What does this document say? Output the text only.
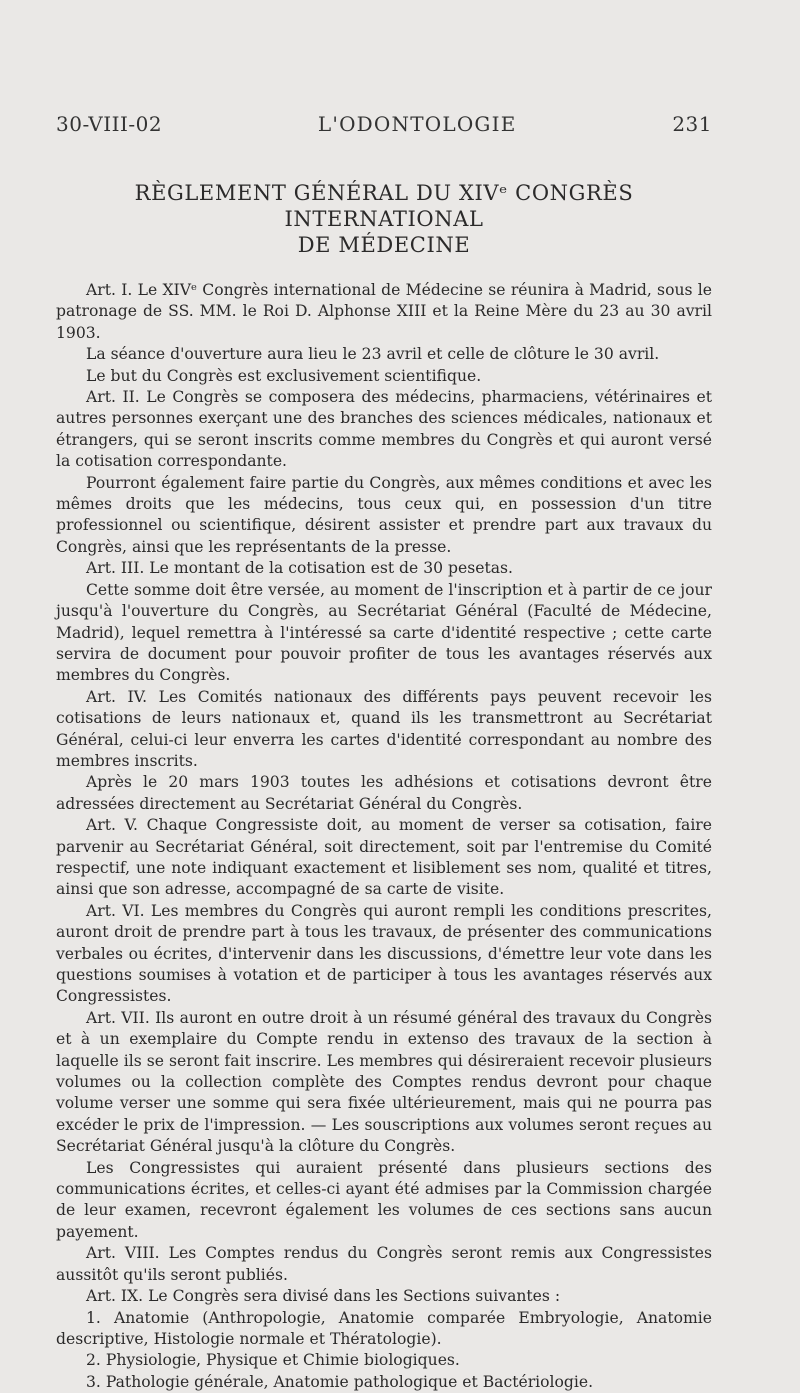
30-VIII-02	L'ODONTOLOGIE	231
RÈGLEMENT GÉNÉRAL DU XIVᵉ CONGRÈS INTERNATIONAL
DE MÉDECINE

Art. I. Le XIVᵉ Congrès international de Médecine se réunira à Madrid, sous le patronage de SS. MM. le Roi D. Alphonse XIII et la Reine Mère du 23 au 30 avril 1903.

La séance d'ouverture aura lieu le 23 avril et celle de clôture le 30 avril.

Le but du Congrès est exclusivement scientifique.

Art. II. Le Congrès se composera des médecins, pharmaciens, vétérinaires et autres personnes exerçant une des branches des sciences médicales, nationaux et étrangers, qui se seront inscrits comme membres du Congrès et qui auront versé la cotisation correspondante.

Pourront également faire partie du Congrès, aux mêmes conditions et avec les mêmes droits que les médecins, tous ceux qui, en possession d'un titre professionnel ou scientifique, désirent assister et prendre part aux travaux du Congrès, ainsi que les représentants de la presse.

Art. III. Le montant de la cotisation est de 30 pesetas.

Cette somme doit être versée, au moment de l'inscription et à partir de ce jour jusqu'à l'ouverture du Congrès, au Secrétariat Général (Faculté de Médecine, Madrid), lequel remettra à l'intéressé sa carte d'identité respective ; cette carte servira de document pour pouvoir profiter de tous les avantages réservés aux membres du Congrès.

Art. IV. Les Comités nationaux des différents pays peuvent recevoir les cotisations de leurs nationaux et, quand ils les transmettront au Secrétariat Général, celui-ci leur enverra les cartes d'identité correspondant au nombre des membres inscrits.

Après le 20 mars 1903 toutes les adhésions et cotisations devront être adressées directement au Secrétariat Général du Congrès.

Art. V. Chaque Congressiste doit, au moment de verser sa cotisation, faire parvenir au Secrétariat Général, soit directement, soit par l'entremise du Comité respectif, une note indiquant exactement et lisiblement ses nom, qualité et titres, ainsi que son adresse, accompagné de sa carte de visite.

Art. VI. Les membres du Congrès qui auront rempli les conditions prescrites, auront droit de prendre part à tous les travaux, de présenter des communications verbales ou écrites, d'intervenir dans les discussions, d'émettre leur vote dans les questions soumises à votation et de participer à tous les avantages réservés aux Congressistes.

Art. VII. Ils auront en outre droit à un résumé général des travaux du Congrès et à un exemplaire du Compte rendu in extenso des travaux de la section à laquelle ils se seront fait inscrire. Les membres qui désireraient recevoir plusieurs volumes ou la collection complète des Comptes rendus devront pour chaque volume verser une somme qui sera fixée ultérieurement, mais qui ne pourra pas excéder le prix de l'impression. — Les souscriptions aux volumes seront reçues au Secrétariat Général jusqu'à la clôture du Congrès.

Les Congressistes qui auraient présenté dans plusieurs sections des communications écrites, et celles-ci ayant été admises par la Commission chargée de leur examen, recevront également les volumes de ces sections sans aucun payement.

Art. VIII. Les Comptes rendus du Congrès seront remis aux Congressistes aussitôt qu'ils seront publiés.

Art. IX. Le Congrès sera divisé dans les Sections suivantes :

1. Anatomie (Anthropologie, Anatomie comparée Embryologie, Anatomie descriptive, Histologie normale et Thératologie).

2. Physiologie, Physique et Chimie biologiques.

3. Pathologie générale, Anatomie pathologique et Bactériologie.
